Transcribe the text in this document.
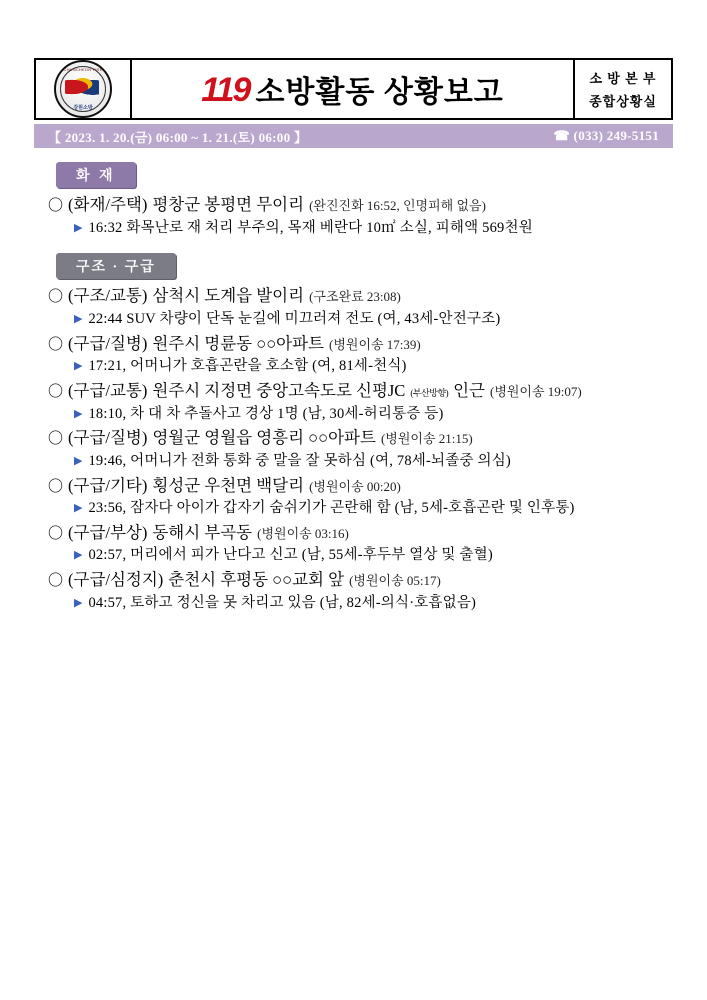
CHUNCHEON FIRE
강원소방	119 소방활동 상황보고	소 방 본 부
종합상황실
【 2023. 1. 20.(금) 06:00 ~ 1. 21.(토) 06:00 】	☎ (033) 249-5151
화 재
〇 (화재/주택) 평창군 봉평면 무이리 (완진진화 16:52, 인명피해 없음)
▶ 16:32 화목난로 재 처리 부주의, 목재 베란다 10㎡ 소실, 피해액 569천원
구조 · 구급
〇 (구조/교통) 삼척시 도계읍 발이리 (구조완료 23:08)
▶ 22:44 SUV 차량이 단독 눈길에 미끄러져 전도 (여, 43세-안전구조)
〇 (구급/질병) 원주시 명륜동 ○○아파트 (병원이송 17:39)
▶ 17:21, 어머니가 호흡곤란을 호소함 (여, 81세-천식)
〇 (구급/교통) 원주시 지정면 중앙고속도로 신평JC (부산방향) 인근 (병원이송 19:07)
▶ 18:10, 차 대 차 추돌사고 경상 1명 (남, 30세-허리통증 등)
〇 (구급/질병) 영월군 영월읍 영흥리 ○○아파트 (병원이송 21:15)
▶ 19:46, 어머니가 전화 통화 중 말을 잘 못하심 (여, 78세-뇌졸중 의심)
〇 (구급/기타) 횡성군 우천면 백달리 (병원이송 00:20)
▶ 23:56, 잠자다 아이가 갑자기 숨쉬기가 곤란해 함 (남, 5세-호흡곤란 및 인후통)
〇 (구급/부상) 동해시 부곡동 (병원이송 03:16)
▶ 02:57, 머리에서 피가 난다고 신고 (남, 55세-후두부 열상 및 출혈)
〇 (구급/심정지) 춘천시 후평동 ○○교회 앞 (병원이송 05:17)
▶ 04:57, 토하고 정신을 못 차리고 있음 (남, 82세-의식·호흡없음)
